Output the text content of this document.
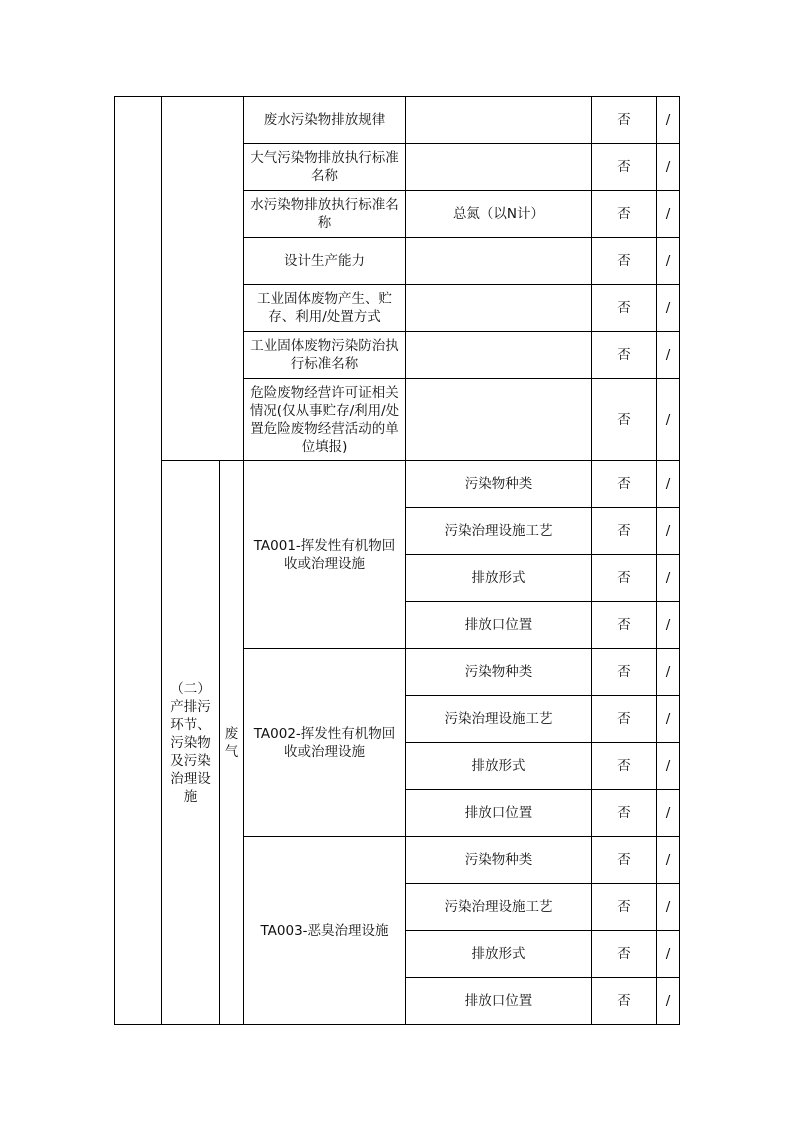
			废水污染物排放规律		否	/
			大气污染物排放执行标准名称		否	/
			水污染物排放执行标准名称	总氮（以N计）	否	/
			设计生产能力		否	/
			工业固体废物产生、贮存、利用/处置方式		否	/
			工业固体废物污染防治执行标准名称		否	/
			危险废物经营许可证相关情况(仅从事贮存/利用/处置危险废物经营活动的单位填报)		否	/
	（二）产排污环节、污染物及污染治理设施	废气	TA001-挥发性有机物回收或治理设施	污染物种类	否	/
				污染治理设施工艺	否	/
				排放形式	否	/
				排放口位置	否	/
			TA002-挥发性有机物回收或治理设施	污染物种类	否	/
				污染治理设施工艺	否	/
				排放形式	否	/
				排放口位置	否	/
			TA003-恶臭治理设施	污染物种类	否	/
				污染治理设施工艺	否	/
				排放形式	否	/
				排放口位置	否	/
